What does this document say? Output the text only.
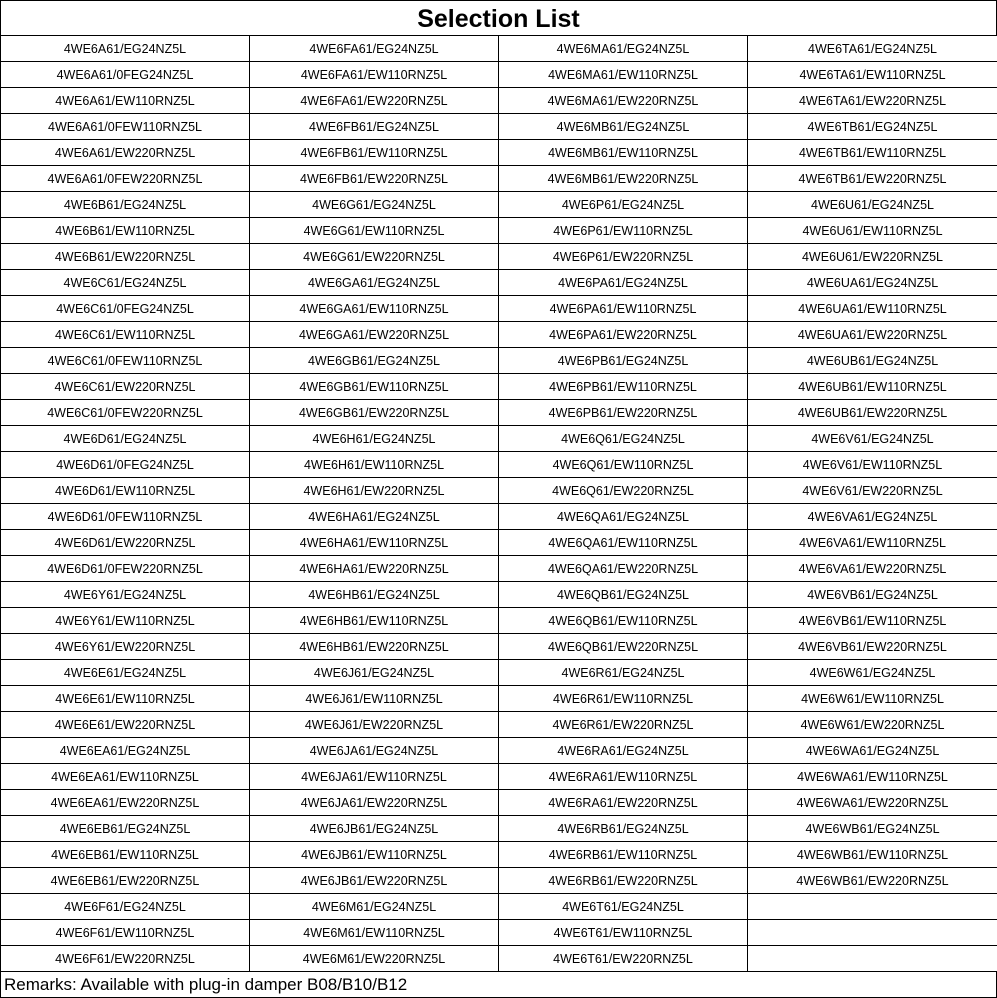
Selection List
4WE6A61/EG24NZ5L	4WE6FA61/EG24NZ5L	4WE6MA61/EG24NZ5L	4WE6TA61/EG24NZ5L
4WE6A61/0FEG24NZ5L	4WE6FA61/EW110RNZ5L	4WE6MA61/EW110RNZ5L	4WE6TA61/EW110RNZ5L
4WE6A61/EW110RNZ5L	4WE6FA61/EW220RNZ5L	4WE6MA61/EW220RNZ5L	4WE6TA61/EW220RNZ5L
4WE6A61/0FEW110RNZ5L	4WE6FB61/EG24NZ5L	4WE6MB61/EG24NZ5L	4WE6TB61/EG24NZ5L
4WE6A61/EW220RNZ5L	4WE6FB61/EW110RNZ5L	4WE6MB61/EW110RNZ5L	4WE6TB61/EW110RNZ5L
4WE6A61/0FEW220RNZ5L	4WE6FB61/EW220RNZ5L	4WE6MB61/EW220RNZ5L	4WE6TB61/EW220RNZ5L
4WE6B61/EG24NZ5L	4WE6G61/EG24NZ5L	4WE6P61/EG24NZ5L	4WE6U61/EG24NZ5L
4WE6B61/EW110RNZ5L	4WE6G61/EW110RNZ5L	4WE6P61/EW110RNZ5L	4WE6U61/EW110RNZ5L
4WE6B61/EW220RNZ5L	4WE6G61/EW220RNZ5L	4WE6P61/EW220RNZ5L	4WE6U61/EW220RNZ5L
4WE6C61/EG24NZ5L	4WE6GA61/EG24NZ5L	4WE6PA61/EG24NZ5L	4WE6UA61/EG24NZ5L
4WE6C61/0FEG24NZ5L	4WE6GA61/EW110RNZ5L	4WE6PA61/EW110RNZ5L	4WE6UA61/EW110RNZ5L
4WE6C61/EW110RNZ5L	4WE6GA61/EW220RNZ5L	4WE6PA61/EW220RNZ5L	4WE6UA61/EW220RNZ5L
4WE6C61/0FEW110RNZ5L	4WE6GB61/EG24NZ5L	4WE6PB61/EG24NZ5L	4WE6UB61/EG24NZ5L
4WE6C61/EW220RNZ5L	4WE6GB61/EW110RNZ5L	4WE6PB61/EW110RNZ5L	4WE6UB61/EW110RNZ5L
4WE6C61/0FEW220RNZ5L	4WE6GB61/EW220RNZ5L	4WE6PB61/EW220RNZ5L	4WE6UB61/EW220RNZ5L
4WE6D61/EG24NZ5L	4WE6H61/EG24NZ5L	4WE6Q61/EG24NZ5L	4WE6V61/EG24NZ5L
4WE6D61/0FEG24NZ5L	4WE6H61/EW110RNZ5L	4WE6Q61/EW110RNZ5L	4WE6V61/EW110RNZ5L
4WE6D61/EW110RNZ5L	4WE6H61/EW220RNZ5L	4WE6Q61/EW220RNZ5L	4WE6V61/EW220RNZ5L
4WE6D61/0FEW110RNZ5L	4WE6HA61/EG24NZ5L	4WE6QA61/EG24NZ5L	4WE6VA61/EG24NZ5L
4WE6D61/EW220RNZ5L	4WE6HA61/EW110RNZ5L	4WE6QA61/EW110RNZ5L	4WE6VA61/EW110RNZ5L
4WE6D61/0FEW220RNZ5L	4WE6HA61/EW220RNZ5L	4WE6QA61/EW220RNZ5L	4WE6VA61/EW220RNZ5L
4WE6Y61/EG24NZ5L	4WE6HB61/EG24NZ5L	4WE6QB61/EG24NZ5L	4WE6VB61/EG24NZ5L
4WE6Y61/EW110RNZ5L	4WE6HB61/EW110RNZ5L	4WE6QB61/EW110RNZ5L	4WE6VB61/EW110RNZ5L
4WE6Y61/EW220RNZ5L	4WE6HB61/EW220RNZ5L	4WE6QB61/EW220RNZ5L	4WE6VB61/EW220RNZ5L
4WE6E61/EG24NZ5L	4WE6J61/EG24NZ5L	4WE6R61/EG24NZ5L	4WE6W61/EG24NZ5L
4WE6E61/EW110RNZ5L	4WE6J61/EW110RNZ5L	4WE6R61/EW110RNZ5L	4WE6W61/EW110RNZ5L
4WE6E61/EW220RNZ5L	4WE6J61/EW220RNZ5L	4WE6R61/EW220RNZ5L	4WE6W61/EW220RNZ5L
4WE6EA61/EG24NZ5L	4WE6JA61/EG24NZ5L	4WE6RA61/EG24NZ5L	4WE6WA61/EG24NZ5L
4WE6EA61/EW110RNZ5L	4WE6JA61/EW110RNZ5L	4WE6RA61/EW110RNZ5L	4WE6WA61/EW110RNZ5L
4WE6EA61/EW220RNZ5L	4WE6JA61/EW220RNZ5L	4WE6RA61/EW220RNZ5L	4WE6WA61/EW220RNZ5L
4WE6EB61/EG24NZ5L	4WE6JB61/EG24NZ5L	4WE6RB61/EG24NZ5L	4WE6WB61/EG24NZ5L
4WE6EB61/EW110RNZ5L	4WE6JB61/EW110RNZ5L	4WE6RB61/EW110RNZ5L	4WE6WB61/EW110RNZ5L
4WE6EB61/EW220RNZ5L	4WE6JB61/EW220RNZ5L	4WE6RB61/EW220RNZ5L	4WE6WB61/EW220RNZ5L
4WE6F61/EG24NZ5L	4WE6M61/EG24NZ5L	4WE6T61/EG24NZ5L	
4WE6F61/EW110RNZ5L	4WE6M61/EW110RNZ5L	4WE6T61/EW110RNZ5L	
4WE6F61/EW220RNZ5L	4WE6M61/EW220RNZ5L	4WE6T61/EW220RNZ5L	
Remarks: Available with plug-in damper B08/B10/B12
